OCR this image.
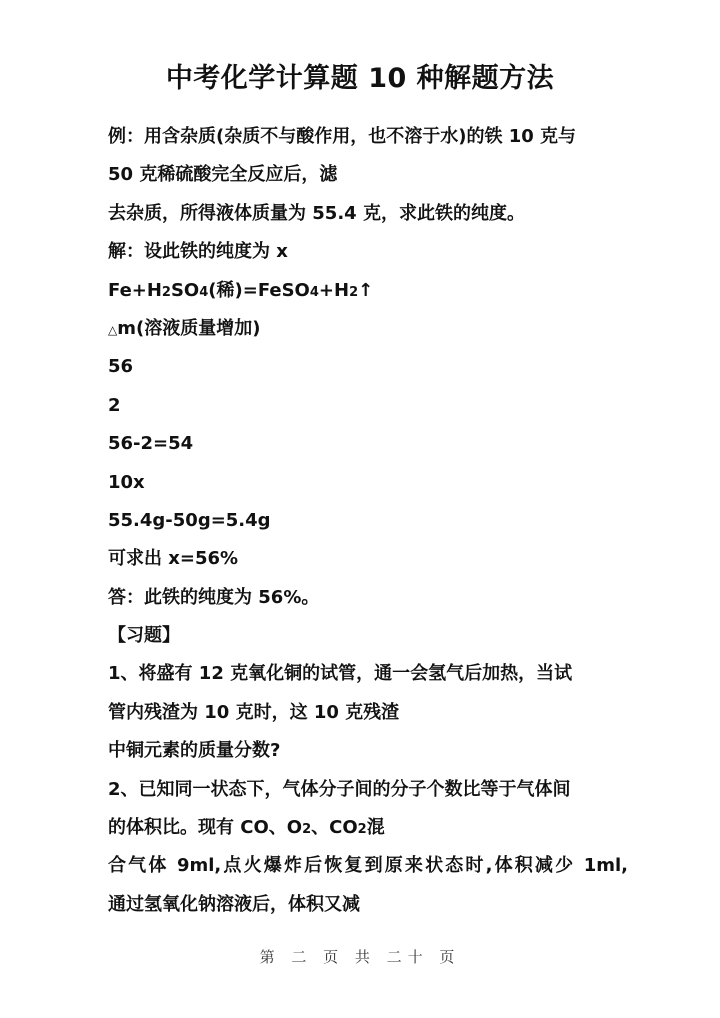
中考化学计算题 10 种解题方法
例：用含杂质(杂质不与酸作用，也不溶于水)的铁 10 克与
50 克稀硫酸完全反应后，滤
去杂质，所得液体质量为 55.4 克，求此铁的纯度。
解：设此铁的纯度为 x
Fe+H2SO4(稀)=FeSO4+H2↑
△m(溶液质量增加)
56
2
56-2=54
10x
55.4g-50g=5.4g
可求出 x=56%
答：此铁的纯度为 56%。
【习题】
1、将盛有 12 克氧化铜的试管，通一会氢气后加热，当试
管内残渣为 10 克时，这 10 克残渣
中铜元素的质量分数?
2、已知同一状态下，气体分子间的分子个数比等于气体间
的体积比。现有 CO、O2、CO2混
合气体 9ml,点火爆炸后恢复到原来状态时,体积减少 1ml,
通过氢氧化钠溶液后，体积又减
第 二 页 共 二十 页
